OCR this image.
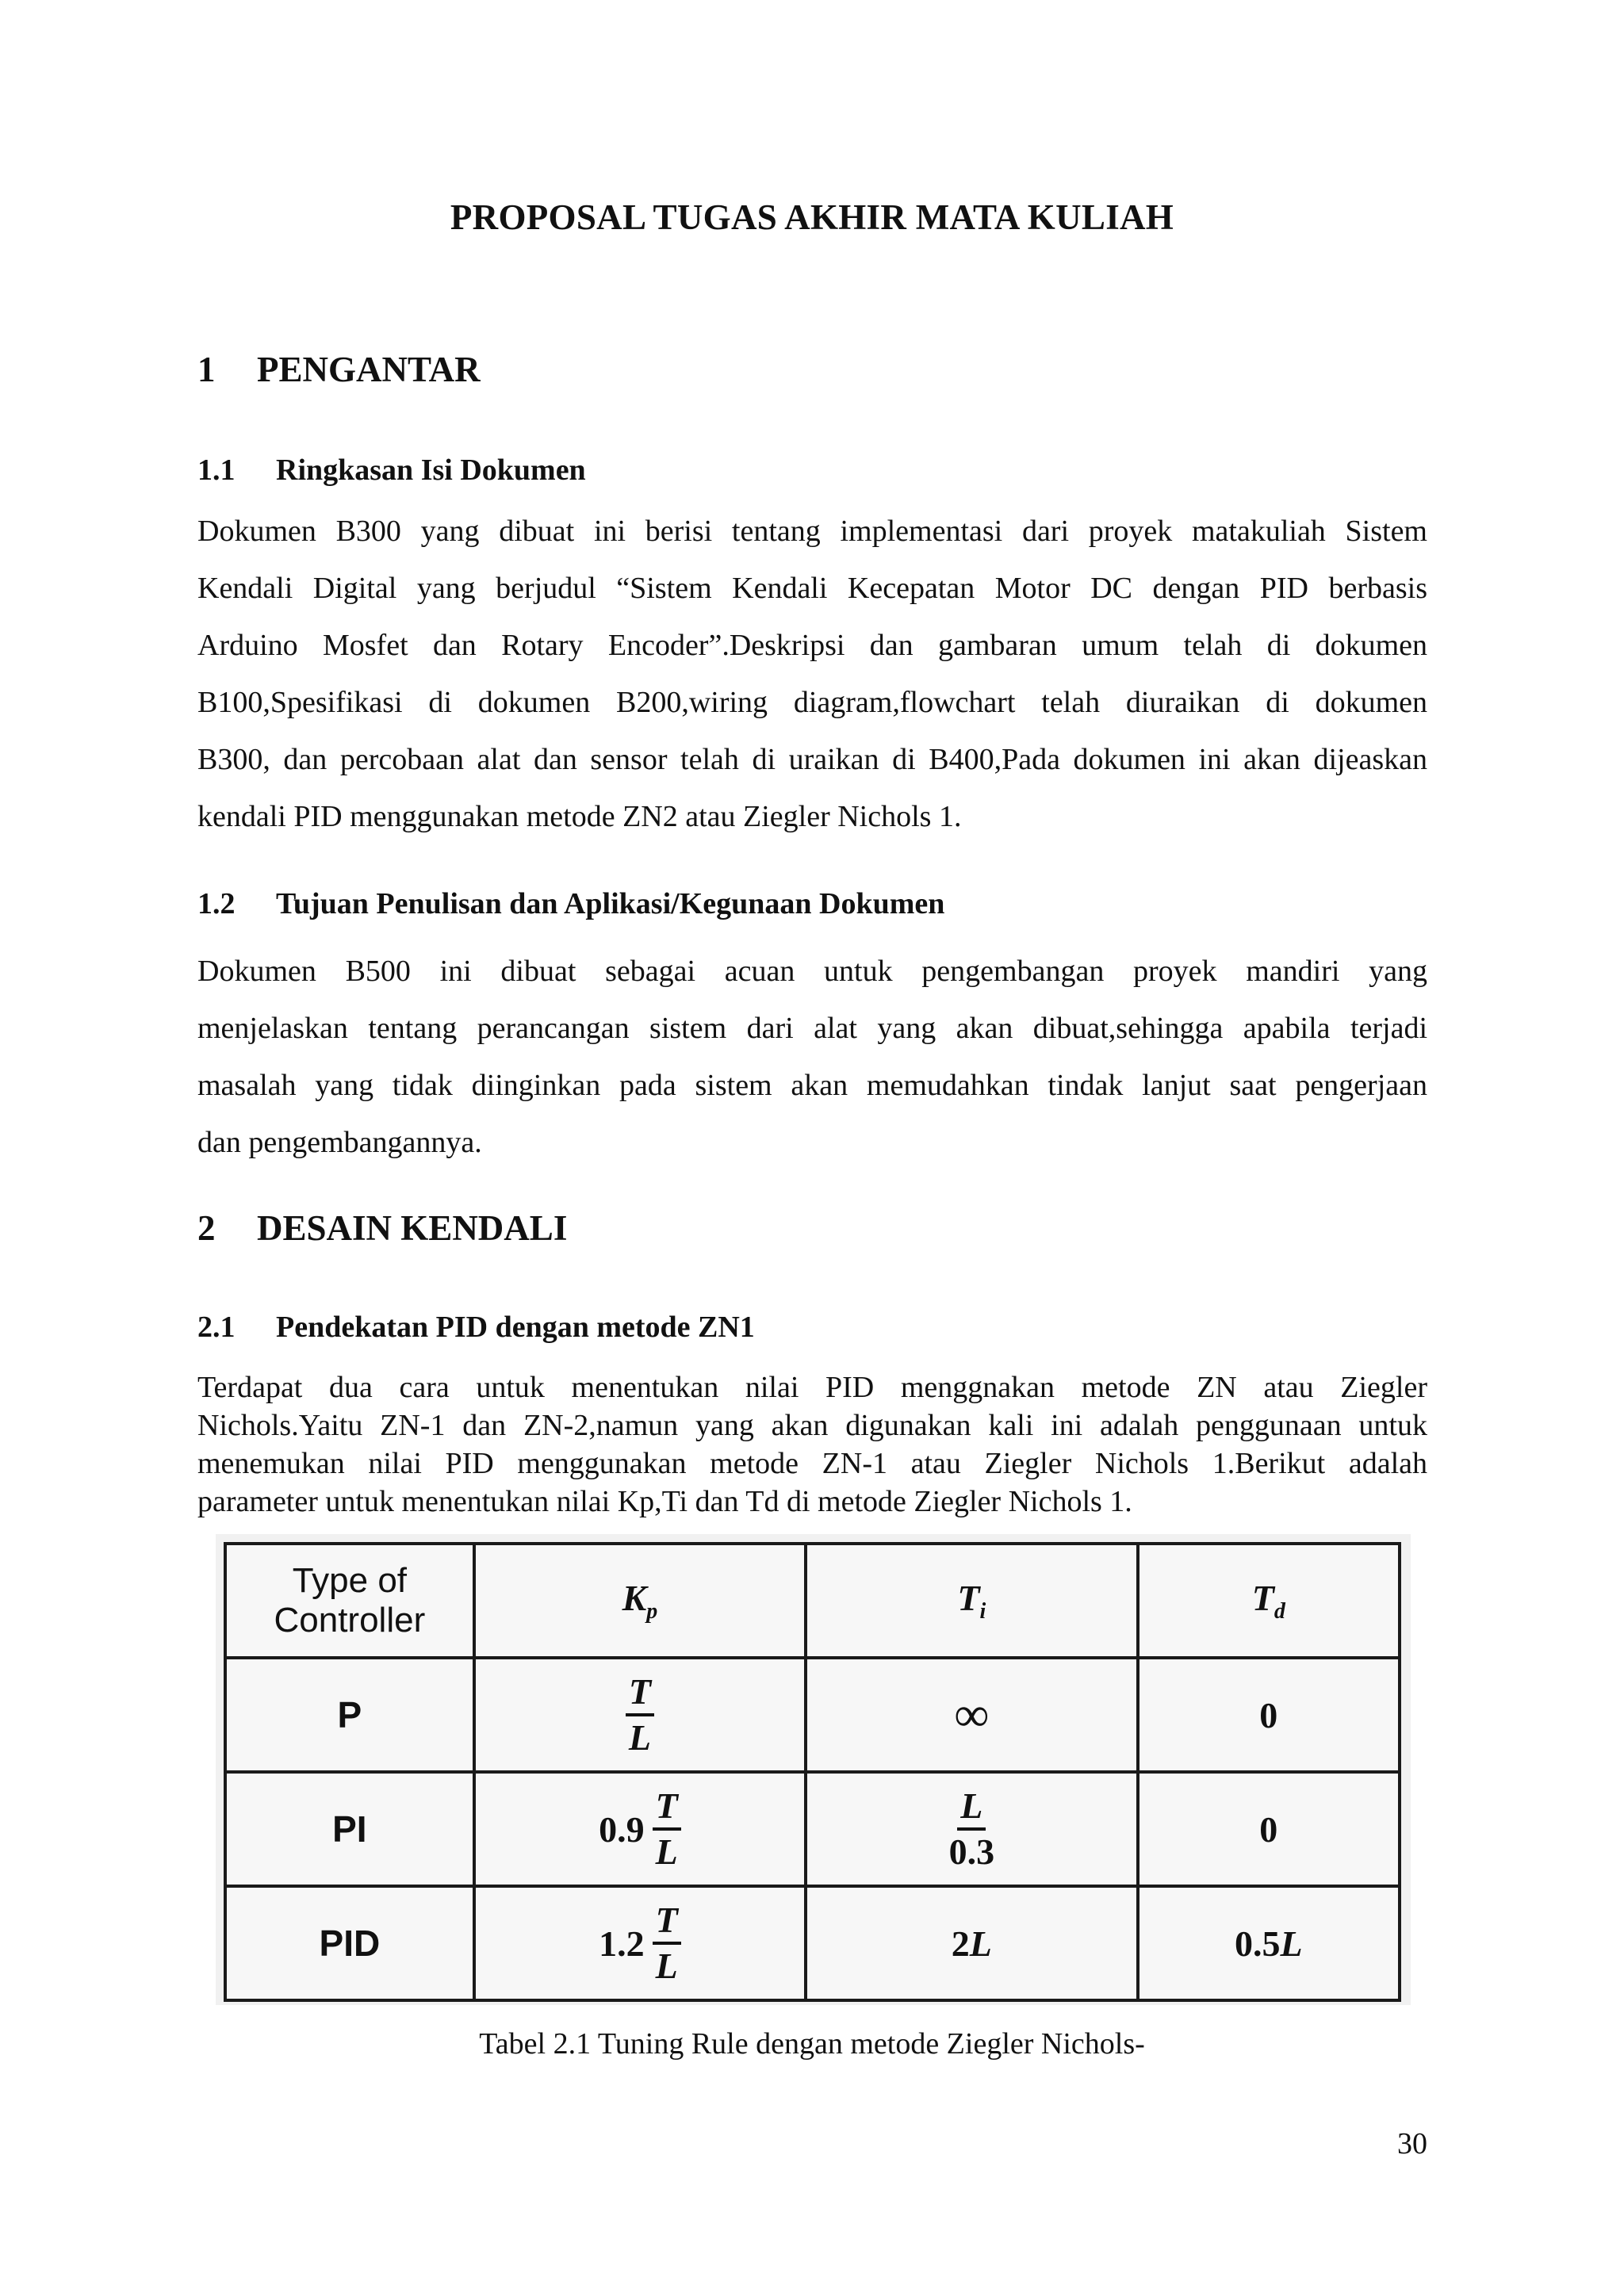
PROPOSAL TUGAS AKHIR MATA KULIAH
1 PENGANTAR
1.1 Ringkasan Isi Dokumen
Dokumen B300 yang dibuat ini berisi tentang implementasi dari proyek matakuliah Sistem
Kendali Digital yang berjudul “Sistem Kendali Kecepatan Motor DC dengan PID berbasis
Arduino Mosfet dan Rotary Encoder”.Deskripsi dan gambaran umum telah di dokumen
B100,Spesifikasi di dokumen B200,wiring diagram,flowchart telah diuraikan di dokumen
B300, dan percobaan alat dan sensor telah di uraikan di B400,Pada dokumen ini akan dijeaskan
kendali PID menggunakan metode ZN2 atau Ziegler Nichols 1.
1.2 Tujuan Penulisan dan Aplikasi/Kegunaan Dokumen
Dokumen B500 ini dibuat sebagai acuan untuk pengembangan proyek mandiri yang
menjelaskan tentang perancangan sistem dari alat yang akan dibuat,sehingga apabila terjadi
masalah yang tidak diinginkan pada sistem akan memudahkan tindak lanjut saat pengerjaan
dan pengembangannya.
2 DESAIN KENDALI
2.1 Pendekatan PID dengan metode ZN1
Terdapat dua cara untuk menentukan nilai PID menggnakan metode ZN atau Ziegler
Nichols.Yaitu ZN-1 dan ZN-2,namun yang akan digunakan kali ini adalah penggunaan untuk
menemukan nilai PID menggunakan metode ZN-1 atau Ziegler Nichols 1.Berikut adalah
parameter untuk menentukan nilai Kp,Ti dan Td di metode Ziegler Nichols 1.
Type of
Controller	$K_p$	$T_i$	$T_d$
P	$\frac{T}{L}$	∞	0
PI	$0.9 \frac{T}{L}$	$\frac{L}{0.3}$	0
PID	$1.2 \frac{T}{L}$	2L	0.5L
Tabel 2.1 Tuning Rule dengan metode Ziegler Nichols-
30
